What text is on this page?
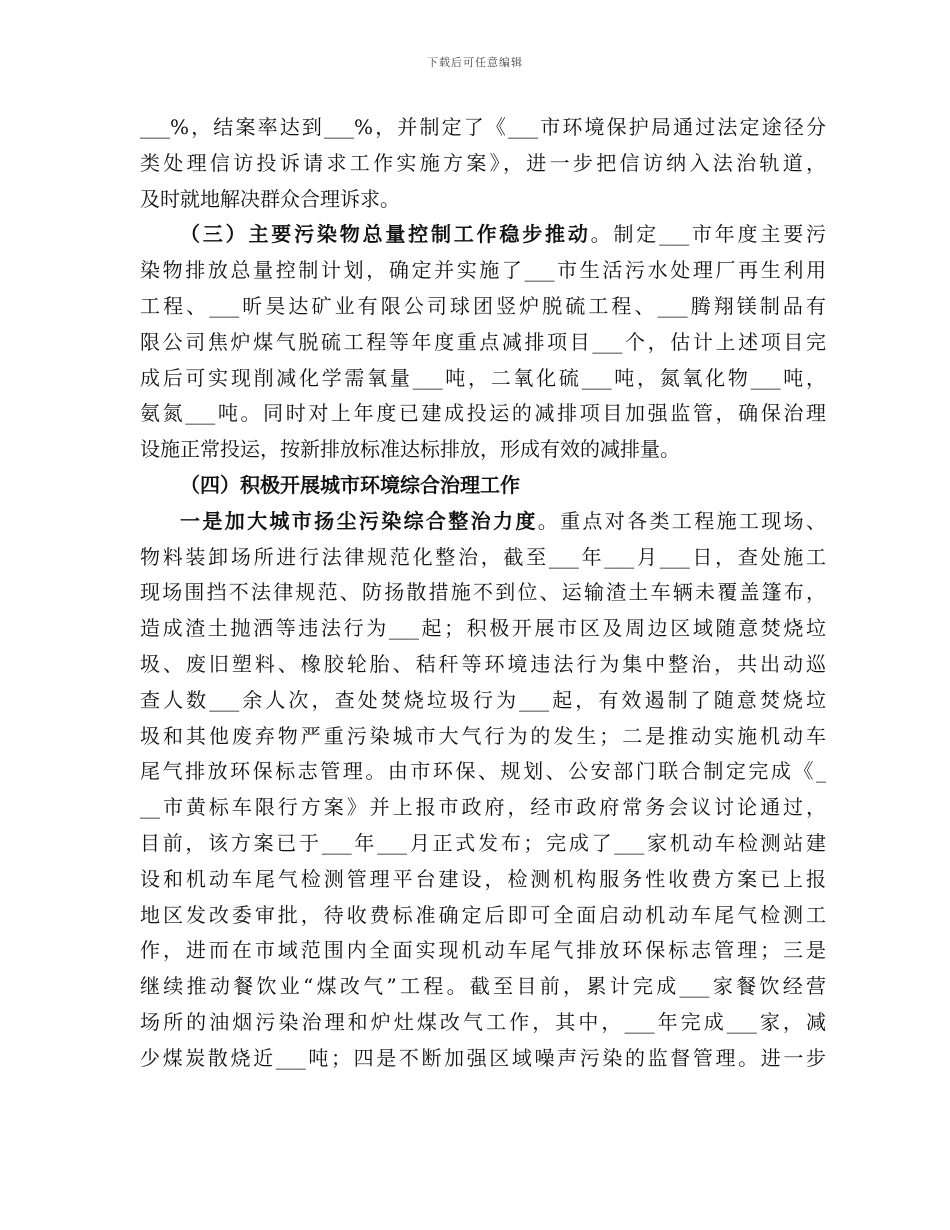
下载后可任意编辑
___%，结案率达到___%，并制定了《___市环境保护局通过法定途径分
类处理信访投诉请求工作实施方案》，进一步把信访纳入法治轨道，
及时就地解决群众合理诉求。
（三）主要污染物总量控制工作稳步推动。制定___市年度主要污
染物排放总量控制计划，确定并实施了___市生活污水处理厂再生利用
工程、___昕昊达矿业有限公司球团竖炉脱硫工程、___腾翔镁制品有
限公司焦炉煤气脱硫工程等年度重点减排项目___个，估计上述项目完
成后可实现削减化学需氧量___吨，二氧化硫___吨，氮氧化物___吨，
氨氮___吨。同时对上年度已建成投运的减排项目加强监管，确保治理
设施正常投运，按新排放标准达标排放，形成有效的减排量。
（四）积极开展城市环境综合治理工作
一是加大城市扬尘污染综合整治力度。重点对各类工程施工现场、
物料装卸场所进行法律规范化整治，截至___年___月___日，查处施工
现场围挡不法律规范、防扬散措施不到位、运输渣土车辆未覆盖篷布，
造成渣土抛洒等违法行为___起；积极开展市区及周边区域随意焚烧垃
圾、废旧塑料、橡胶轮胎、秸秆等环境违法行为集中整治，共出动巡
查人数___余人次，查处焚烧垃圾行为___起，有效遏制了随意焚烧垃
圾和其他废弃物严重污染城市大气行为的发生；二是推动实施机动车
尾气排放环保标志管理。由市环保、规划、公安部门联合制定完成《_
__市黄标车限行方案》并上报市政府，经市政府常务会议讨论通过，
目前，该方案已于___年___月正式发布；完成了___家机动车检测站建
设和机动车尾气检测管理平台建设，检测机构服务性收费方案已上报
地区发改委审批，待收费标准确定后即可全面启动机动车尾气检测工
作，进而在市域范围内全面实现机动车尾气排放环保标志管理；三是
继续推动餐饮业“煤改气”工程。截至目前，累计完成___家餐饮经营
场所的油烟污染治理和炉灶煤改气工作，其中，___年完成___家，减
少煤炭散烧近___吨；四是不断加强区域噪声污染的监督管理。进一步
